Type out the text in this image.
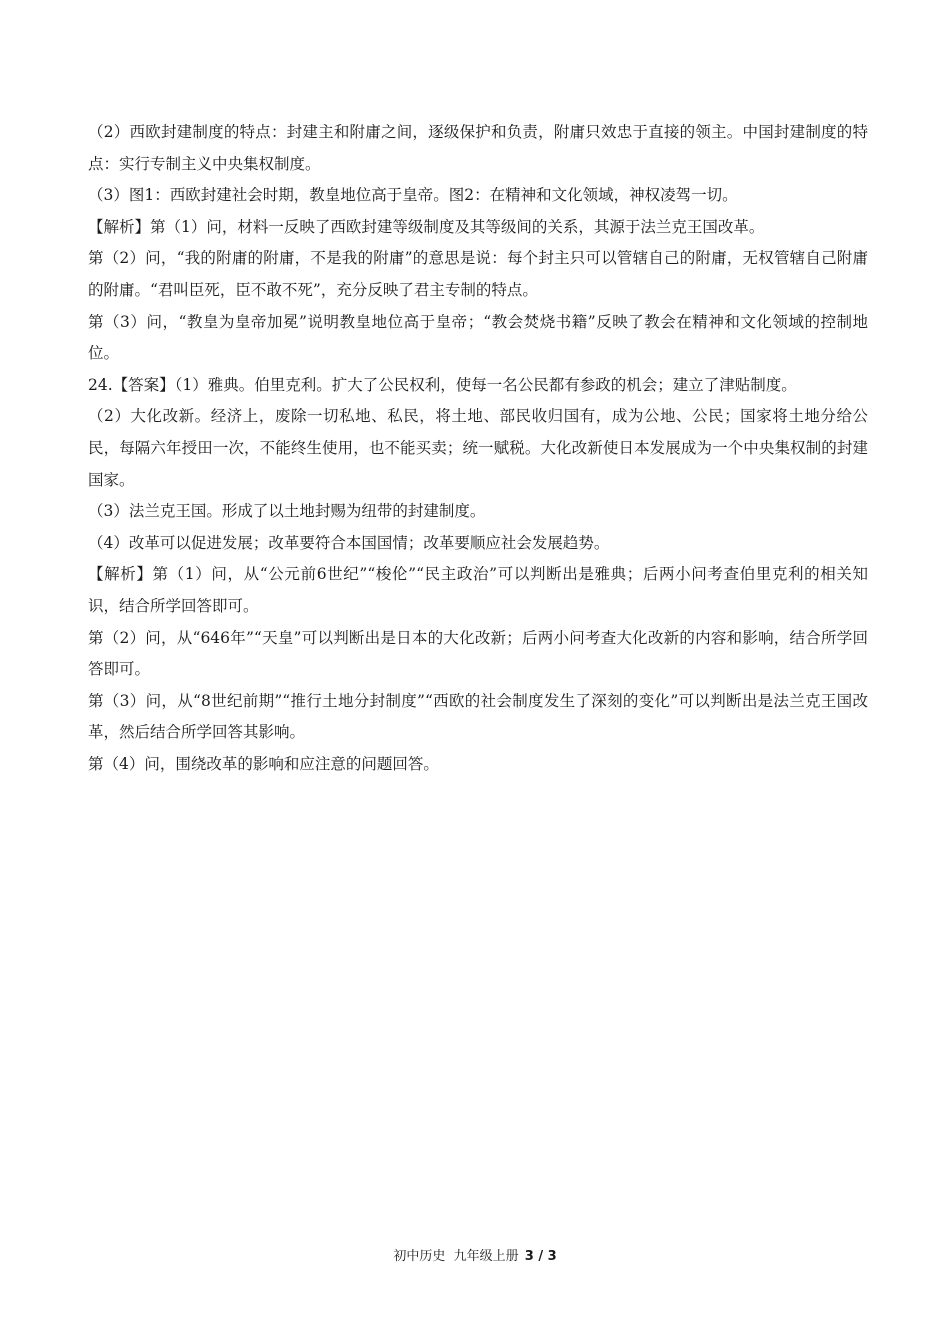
（2）西欧封建制度的特点：封建主和附庸之间，逐级保护和负责，附庸只效忠于直接的领主。中国封建制度的特点：实行专制主义中央集权制度。

（3）图1：西欧封建社会时期，教皇地位高于皇帝。图2：在精神和文化领域，神权凌驾一切。

【解析】第（1）问，材料一反映了西欧封建等级制度及其等级间的关系，其源于法兰克王国改革。

第（2）问，“我的附庸的附庸，不是我的附庸”的意思是说：每个封主只可以管辖自己的附庸，无权管辖自己附庸的附庸。“君叫臣死，臣不敢不死”，充分反映了君主专制的特点。

第（3）问，“教皇为皇帝加冕”说明教皇地位高于皇帝；“教会焚烧书籍”反映了教会在精神和文化领域的控制地位。

24.【答案】（1）雅典。伯里克利。扩大了公民权利，使每一名公民都有参政的机会；建立了津贴制度。

（2）大化改新。经济上，废除一切私地、私民，将土地、部民收归国有，成为公地、公民；国家将土地分给公民，每隔六年授田一次，不能终生使用，也不能买卖；统一赋税。大化改新使日本发展成为一个中央集权制的封建国家。

（3）法兰克王国。形成了以土地封赐为纽带的封建制度。

（4）改革可以促进发展；改革要符合本国国情；改革要顺应社会发展趋势。

【解析】第（1）问，从“公元前6世纪”“梭伦”“民主政治”可以判断出是雅典；后两小问考查伯里克利的相关知识，结合所学回答即可。

第（2）问，从“646年”“天皇”可以判断出是日本的大化改新；后两小问考查大化改新的内容和影响，结合所学回答即可。

第（3）问，从“8世纪前期”“推行土地分封制度”“西欧的社会制度发生了深刻的变化”可以判断出是法兰克王国改革，然后结合所学回答其影响。

第（4）问，围绕改革的影响和应注意的问题回答。

初中历史  九年级上册 3 / 3
